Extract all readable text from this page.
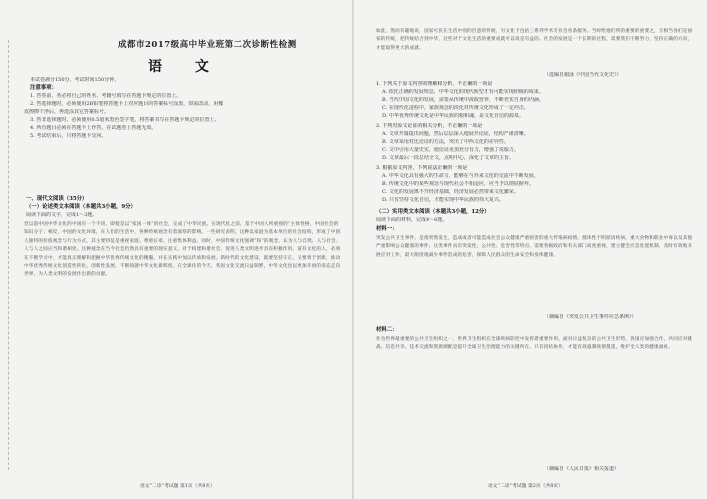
成都市2017级高中毕业班第二次诊断性检测
语 文
本试卷满分150分，考试时间150分钟。
注意事项：
1. 答卷前，务必将自己的姓名、考籍号填写在答题卡规定的位置上。
2. 答选择题时，必须使用2B铅笔将答题卡上对应题目的答案标号涂黑，如需改动，用橡
皮擦擦干净后，再选涂其它答案标号。
3. 答非选择题时，必须使用0.5毫米黑色签字笔，将答案书写在答题卡规定的位置上。
4. 所有题目必须在答题卡上作答，在试题卷上答题无效。
5. 考试结束后，只将答题卡交回。
一、现代文阅读（35分）
（一）论述类文本阅读（本题共3小题，9分）
阅读下面的文字，完成1～3题。
党以前中国中华文化的中国有一个不同，即使是以“家国一体”的社会，完成了中华民族。在现代化之前，基于中国人所重视的“主体性格，中国社会的知识分子；相反，中国的文化环境，在人们的生活中，各种传统观念有着深厚的影响。一些研究表明，这种以家庭为基本单位的社会结构，形成了中国人独特的价值观念与行为方式，其主要特征是重视家庭、尊重长辈、注重集体利益。同时，中国传统文化强调“和”的观念，认为人与自然、人与社会、人与人之间应当和谐相处。这种观念在当今社会仍然具有重要的现实意义，对于构建和谐社会、促进人类文明进步具有积极作用。富有文化的人，必须在不断学习中，才能真正理解和把握中华优秀传统文化的精髓，并在实践中加以传承和发展。新时代的文化建设，既要坚持守正，又要勇于创新，推动中华优秀传统文化创造性转化、创新性发展，不断铸就中华文化新辉煌。在全球化的今天，各国文化交流日益频繁，中华文化也以更加开放的姿态走向世界，为人类文明的发展作出新的贡献。
语文“二诊”考试题 第1页（共8页）
如此，然而有趣地说，国家可民在生活中别的层意的传统，另文化下包括三系列学术专业会各条服务。当时给他们所的重要的重要之，互相当各们是国家的传统，把传统结合到中华，这些对于文化生活的重要成就可以说是有益的。社会的发展是一个长期的过程，需要我们不断努力，坚持正确的方向，才能取得更大的成就。
（选编自谢泳《中国当代文化史》）
1. 下列关于原文内容的理解和分析，不正确的一项是
A. 依托正确的发展理念，中华文化的现代转型才有可能实现积极的成果。
B. 当代中国文化的发展，需要从传统中汲取营养，不断充实自身的内涵。
C. 在现代化进程中，家族观念的淡化对传统文化形成了一定冲击。
D. 中华优秀传统文化是中华民族的根和魂，是文化自信的源泉。
2. 下列对原文论证的相关分析，不正确的一项是
A. 文章开篇提出问题，然后层层深入地展开论证，结构严谨清晰。
B. 文章采用对比论证的方法，突出了中西文化的差异性。
C. 文中引用大量史实，使论证更加充分有力，增强了说服力。
D. 文章最后一段总结全文，点明中心，深化了文章的主旨。
3. 根据原文内容，下列说法正确的一项是
A. 中华文化具有强大的生命力，能够在与外来文化的交流中不断发展。
B. 传统文化中的某些观念与现代社会不相适应，应当予以彻底摒弃。
C. 文化的发展离不开经济基础，经济发展必然带来文化繁荣。
D. 只有坚持文化自信，才能实现中华民族的伟大复兴。
（二）实用类文本阅读（本题共3小题，12分）
阅读下面的材料，完成4～6题。
材料一：
突发公共卫生事件，是指突然发生，造成或者可能造成社会公众健康严重损害的重大传染病疫情、群体性不明原因疾病、重大食物和职业中毒以及其他严重影响公众健康的事件。这类事件具有突发性、公共性、危害性等特点，需要各级政府和有关部门高度重视，建立健全应急处置机制，及时有效地开展应对工作，最大限度地减少事件造成的危害，保障人民群众的生命安全和身体健康。
（摘编自《突发公共卫生事件应急条例》）
材料二：
作为世界最重要的公共卫生组织之一，世界卫生组织在全球疾病防控中发挥着重要作用。面对日益复杂的公共卫生形势，各国应加强合作，共同应对挑战。信息共享、技术交流和资源调配是提升全球卫生治理能力的关键所在。只有团结协作，才能有效遏制疫情蔓延，维护全人类的健康福祉。
（摘编自《人民日报》相关报道）
语文“二诊”考试题 第2页（共8页）
